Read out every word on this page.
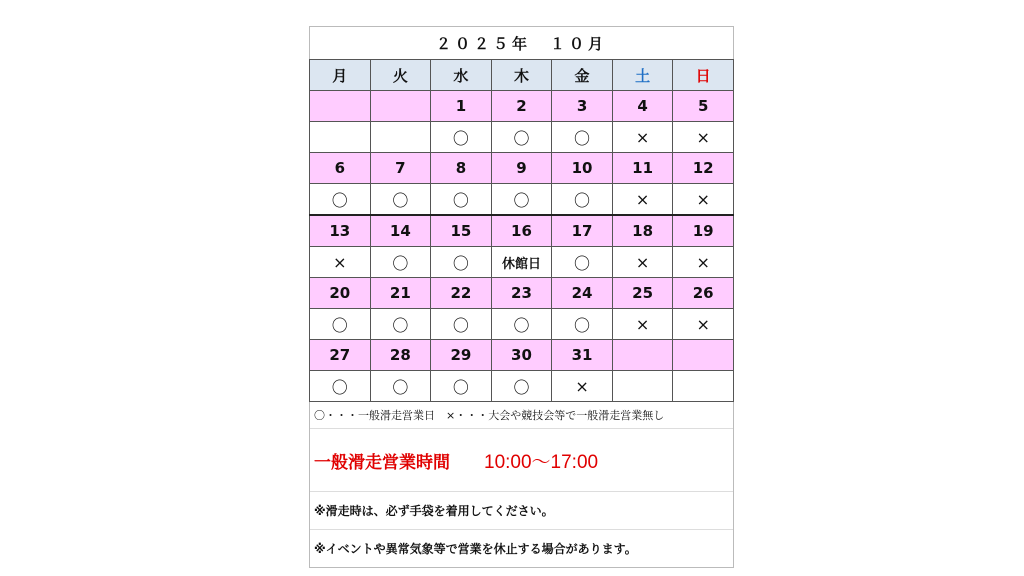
２０２５年　１０月
月	火	水	木	金	土	日
		1	2	3	4	5
		〇	〇	〇	×	×
6	7	8	9	10	11	12
〇	〇	〇	〇	〇	×	×
13	14	15	16	17	18	19
×	〇	〇	休館日	〇	×	×
20	21	22	23	24	25	26
〇	〇	〇	〇	〇	×	×
27	28	29	30	31		
〇	〇	〇	〇	×		
〇・・・一般滑走営業日　×・・・大会や競技会等で一般滑走営業無し
一般滑走営業時間 10:00～17:00
※滑走時は、必ず手袋を着用してください。
※イベントや異常気象等で営業を休止する場合があります。
